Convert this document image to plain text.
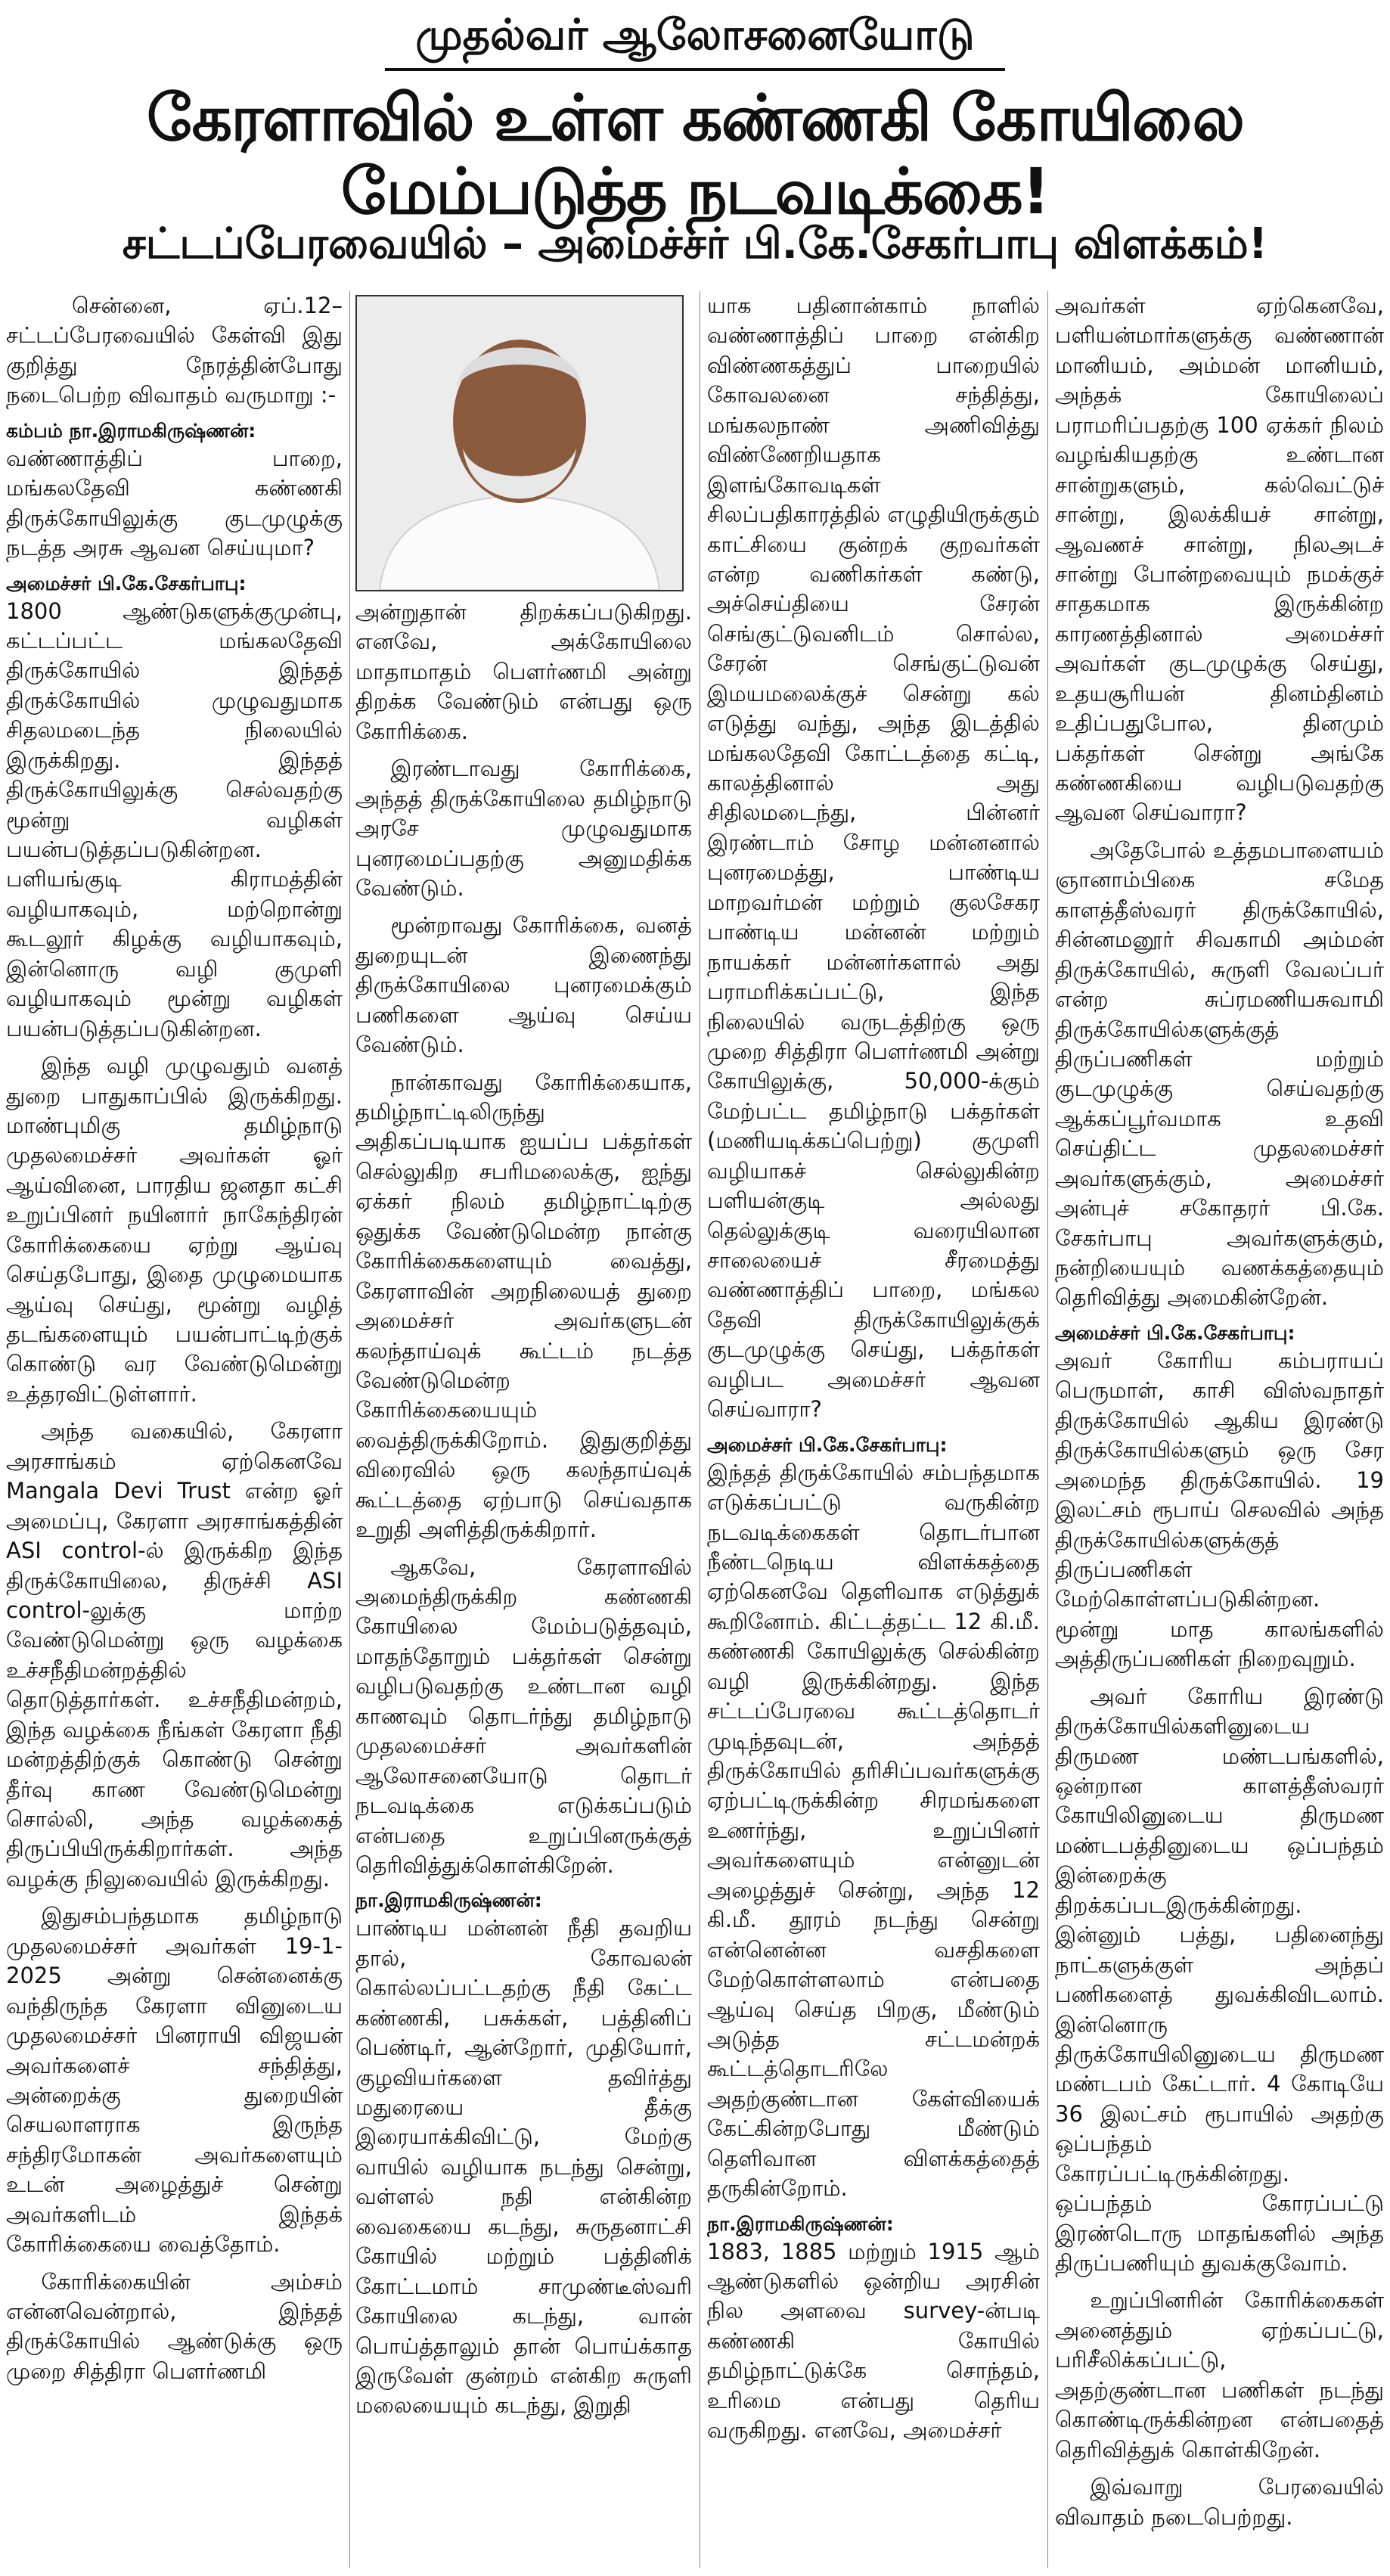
முதல்வர் ஆலோசனையோடு
கேரளாவில் உள்ள கண்ணகி கோயிலை மேம்படுத்த நடவடிக்கை!
சட்டப்பேரவையில் – அமைச்சர் பி.கே.சேகர்பாபு விளக்கம்!

சென்னை, ஏப்.12– சட்டப்பேரவையில் கேள்வி இது குறித்து நேரத்தின்போது நடைபெற்ற விவாதம் வருமாறு :-

கம்பம் நா.இராமகிருஷ்ணன்:

வண்ணாத்திப் பாறை, மங்கலதேவி கண்ணகி திருக்கோயிலுக்கு குடமுழுக்கு நடத்த அரசு ஆவன செய்யுமா?

அமைச்சர் பி.கே.சேகர்பாபு:

1800 ஆண்டுகளுக்குமுன்பு, கட்டப்பட்ட மங்கலதேவி திருக்கோயில் இந்தத் திருக்கோயில் முழுவதுமாக சிதலமடைந்த நிலையில் இருக்கிறது. இந்தத் திருக்கோயிலுக்கு செல்வதற்கு மூன்று வழிகள் பயன்படுத்தப்படுகின்றன. பளியங்குடி கிராமத்தின் வழியாகவும், மற்றொன்று கூடலூர் கிழக்கு வழியாகவும், இன்னொரு வழி குமுளி வழியாகவும் மூன்று வழிகள் பயன்படுத்தப்படுகின்றன.

இந்த வழி முழுவதும் வனத் துறை பாதுகாப்பில் இருக்கிறது. மாண்புமிகு தமிழ்நாடு முதலமைச்சர் அவர்கள் ஓர் ஆய்வினை, பாரதிய ஜனதா கட்சி உறுப்பினர் நயினார் நாகேந்திரன் கோரிக்கையை ஏற்று ஆய்வு செய்தபோது, இதை முழுமையாக ஆய்வு செய்து, மூன்று வழித் தடங்களையும் பயன்பாட்டிற்குக் கொண்டு வர வேண்டுமென்று உத்தரவிட்டுள்ளார்.

அந்த வகையில், கேரளா அரசாங்கம் ஏற்கெனவே Mangala Devi Trust என்ற ஓர் அமைப்பு, கேரளா அரசாங்கத்தின் ASI control-ல் இருக்கிற இந்த திருக்கோயிலை, திருச்சி ASI control-லுக்கு மாற்ற வேண்டுமென்று ஒரு வழக்கை உச்சநீதிமன்றத்தில் தொடுத்தார்கள். உச்சநீதிமன்றம், இந்த வழக்கை நீங்கள் கேரளா நீதி மன்றத்திற்குக் கொண்டு சென்று தீர்வு காண வேண்டுமென்று சொல்லி, அந்த வழக்கைத் திருப்பியிருக்கிறார்கள். அந்த வழக்கு நிலுவையில் இருக்கிறது.

இதுசம்பந்தமாக தமிழ்நாடு முதலமைச்சர் அவர்கள் 19-1-2025 அன்று சென்னைக்கு வந்திருந்த கேரளா வினுடைய முதலமைச்சர் பினராயி விஜயன் அவர்களைச் சந்தித்து, அன்றைக்கு துறையின் செயலாளராக இருந்த சந்திரமோகன் அவர்களையும் உடன் அழைத்துச் சென்று அவர்களிடம் இந்தக் கோரிக்கையை வைத்தோம்.

கோரிக்கையின் அம்சம் என்னவென்றால், இந்தத் திருக்கோயில் ஆண்டுக்கு ஒரு முறை சித்திரா பௌர்ணமி

அன்றுதான் திறக்கப்படுகிறது. எனவே, அக்கோயிலை மாதாமாதம் பௌர்ணமி அன்று திறக்க வேண்டும் என்பது ஒரு கோரிக்கை.

இரண்டாவது கோரிக்கை, அந்தத் திருக்கோயிலை தமிழ்நாடு அரசே முழுவதுமாக புனரமைப்பதற்கு அனுமதிக்க வேண்டும்.

மூன்றாவது கோரிக்கை, வனத் துறையுடன் இணைந்து திருக்கோயிலை புனரமைக்கும் பணிகளை ஆய்வு செய்ய வேண்டும்.

நான்காவது கோரிக்கையாக, தமிழ்நாட்டிலிருந்து அதிகப்படியாக ஐயப்ப பக்தர்கள் செல்லுகிற சபரிமலைக்கு, ஐந்து ஏக்கர் நிலம் தமிழ்நாட்டிற்கு ஒதுக்க வேண்டுமென்ற நான்கு கோரிக்கைகளையும் வைத்து, கேரளாவின் அறநிலையத் துறை அமைச்சர் அவர்களுடன் கலந்தாய்வுக் கூட்டம் நடத்த வேண்டுமென்ற கோரிக்கையையும் வைத்திருக்கிறோம். இதுகுறித்து விரைவில் ஒரு கலந்தாய்வுக் கூட்டத்தை ஏற்பாடு செய்வதாக உறுதி அளித்திருக்கிறார்.

ஆகவே, கேரளாவில் அமைந்திருக்கிற கண்ணகி கோயிலை மேம்படுத்தவும், மாதந்தோறும் பக்தர்கள் சென்று வழிபடுவதற்கு உண்டான வழி காணவும் தொடர்ந்து தமிழ்நாடு முதலமைச்சர் அவர்களின் ஆலோசனையோடு தொடர் நடவடிக்கை எடுக்கப்படும் என்பதை உறுப்பினருக்குத் தெரிவித்துக்கொள்கிறேன்.

நா.இராமகிருஷ்ணன்:

பாண்டிய மன்னன் நீதி தவறிய தால், கோவலன் கொல்லப்பட்டதற்கு நீதி கேட்ட கண்ணகி, பசுக்கள், பத்தினிப் பெண்டிர், ஆன்றோர், முதியோர், குழவியர்களை தவிர்த்து மதுரையை தீக்கு இரையாக்கிவிட்டு, மேற்கு வாயில் வழியாக நடந்து சென்று, வள்ளல் நதி என்கின்ற வைகையை கடந்து, சுருதனாட்சி கோயில் மற்றும் பத்தினிக் கோட்டமாம் சாமுண்டீஸ்வரி கோயிலை கடந்து, வான் பொய்த்தாலும் தான் பொய்க்காத இருவேள் குன்றம் என்கிற சுருளி மலையையும் கடந்து, இறுதி

யாக பதினான்காம் நாளில் வண்ணாத்திப் பாறை என்கிற விண்ணகத்துப் பாறையில் கோவலனை சந்தித்து, மங்கலநாண் அணிவித்து விண்ணேறியதாக இளங்கோவடிகள் சிலப்பதிகாரத்தில் எழுதியிருக்கும் காட்சியை குன்றக் குறவர்கள் என்ற வணிகர்கள் கண்டு, அச்செய்தியை சேரன் செங்குட்டுவனிடம் சொல்ல, சேரன் செங்குட்டுவன் இமயமலைக்குச் சென்று கல் எடுத்து வந்து, அந்த இடத்தில் மங்கலதேவி கோட்டத்தை கட்டி, காலத்தினால் அது சிதிலமடைந்து, பின்னர் இரண்டாம் சோழ மன்னனால் புனரமைத்து, பாண்டிய மாறவர்மன் மற்றும் குலசேகர பாண்டிய மன்னன் மற்றும் நாயக்கர் மன்னர்களால் அது பராமரிக்கப்பட்டு, இந்த நிலையில் வருடத்திற்கு ஒரு முறை சித்திரா பௌர்ணமி அன்று கோயிலுக்கு, 50,000-க்கும் மேற்பட்ட தமிழ்நாடு பக்தர்கள் (மணியடிக்கப்பெற்று) குமுளி வழியாகச் செல்லுகின்ற பளியன்குடி அல்லது தெல்லுக்குடி வரையிலான சாலையைச் சீரமைத்து வண்ணாத்திப் பாறை, மங்கல தேவி திருக்கோயிலுக்குக் குடமுழுக்கு செய்து, பக்தர்கள் வழிபட அமைச்சர் ஆவன செய்வாரா?

அமைச்சர் பி.கே.சேகர்பாபு:

இந்தத் திருக்கோயில் சம்பந்தமாக எடுக்கப்பட்டு வருகின்ற நடவடிக்கைகள் தொடர்பான நீண்டநெடிய விளக்கத்தை ஏற்கெனவே தெளிவாக எடுத்துக் கூறினோம். கிட்டத்தட்ட 12 கி.மீ. கண்ணகி கோயிலுக்கு செல்கின்ற வழி இருக்கின்றது. இந்த சட்டப்பேரவை கூட்டத்தொடர் முடிந்தவுடன், அந்தத் திருக்கோயில் தரிசிப்பவர்களுக்கு ஏற்பட்டிருக்கின்ற சிரமங்களை உணர்ந்து, உறுப்பினர் அவர்களையும் என்னுடன் அழைத்துச் சென்று, அந்த 12 கி.மீ. தூரம் நடந்து சென்று என்னென்ன வசதிகளை மேற்கொள்ளலாம் என்பதை ஆய்வு செய்த பிறகு, மீண்டும் அடுத்த சட்டமன்றக் கூட்டத்தொடரிலே அதற்குண்டான கேள்வியைக் கேட்கின்றபோது மீண்டும் தெளிவான விளக்கத்தைத் தருகின்றோம்.

நா.இராமகிருஷ்ணன்:

1883, 1885 மற்றும் 1915 ஆம் ஆண்டுகளில் ஒன்றிய அரசின் நில அளவை survey-ன்படி கண்ணகி கோயில் தமிழ்நாட்டுக்கே சொந்தம், உரிமை என்பது தெரிய வருகிறது. எனவே, அமைச்சர்

அவர்கள் ஏற்கெனவே, பளியன்மார்களுக்கு வண்ணான் மானியம், அம்மன் மானியம், அந்தக் கோயிலைப் பராமரிப்பதற்கு 100 ஏக்கர் நிலம் வழங்கியதற்கு உண்டான சான்றுகளும், கல்வெட்டுச் சான்று, இலக்கியச் சான்று, ஆவணச் சான்று, நிலஅடச் சான்று போன்றவையும் நமக்குச் சாதகமாக இருக்கின்ற காரணத்தினால் அமைச்சர் அவர்கள் குடமுழுக்கு செய்து, உதயசூரியன் தினம்தினம் உதிப்பதுபோல, தினமும் பக்தர்கள் சென்று அங்கே கண்ணகியை வழிபடுவதற்கு ஆவன செய்வாரா?

அதேபோல் உத்தமபாளையம் ஞானாம்பிகை சமேத காளத்தீஸ்வரர் திருக்கோயில், சின்னமனூர் சிவகாமி அம்மன் திருக்கோயில், சுருளி வேலப்பர் என்ற சுப்ரமணியசுவாமி திருக்கோயில்களுக்குத் திருப்பணிகள் மற்றும் குடமுழுக்கு செய்வதற்கு ஆக்கப்பூர்வமாக உதவி செய்திட்ட முதலமைச்சர் அவர்களுக்கும், அமைச்சர் அன்புச் சகோதரர் பி.கே. சேகர்பாபு அவர்களுக்கும், நன்றியையும் வணக்கத்தையும் தெரிவித்து அமைகின்றேன்.

அமைச்சர் பி.கே.சேகர்பாபு:

அவர் கோரிய கம்பராயப் பெருமாள், காசி விஸ்வநாதர் திருக்கோயில் ஆகிய இரண்டு திருக்கோயில்களும் ஒரு சேர அமைந்த திருக்கோயில். 19 இலட்சம் ரூபாய் செலவில் அந்த திருக்கோயில்களுக்குத் திருப்பணிகள் மேற்கொள்ளப்படுகின்றன. மூன்று மாத காலங்களில் அத்திருப்பணிகள் நிறைவுறும்.

அவர் கோரிய இரண்டு திருக்கோயில்களினுடைய திருமண மண்டபங்களில், ஒன்றான காளத்தீஸ்வரர் கோயிலினுடைய திருமண மண்டபத்தினுடைய ஒப்பந்தம் இன்றைக்கு திறக்கப்படஇருக்கின்றது. இன்னும் பத்து, பதினைந்து நாட்களுக்குள் அந்தப் பணிகளைத் துவக்கிவிடலாம். இன்னொரு திருக்கோயிலினுடைய திருமண மண்டபம் கேட்டார். 4 கோடியே 36 இலட்சம் ரூபாயில் அதற்கு ஒப்பந்தம் கோரப்பட்டிருக்கின்றது. ஒப்பந்தம் கோரப்பட்டு இரண்டொரு மாதங்களில் அந்த திருப்பணியும் துவக்குவோம்.

உறுப்பினரின் கோரிக்கைகள் அனைத்தும் ஏற்கப்பட்டு, பரிசீலிக்கப்பட்டு, அதற்குண்டான பணிகள் நடந்து கொண்டிருக்கின்றன என்பதைத் தெரிவித்துக் கொள்கிறேன்.

இவ்வாறு பேரவையில் விவாதம் நடைபெற்றது.
